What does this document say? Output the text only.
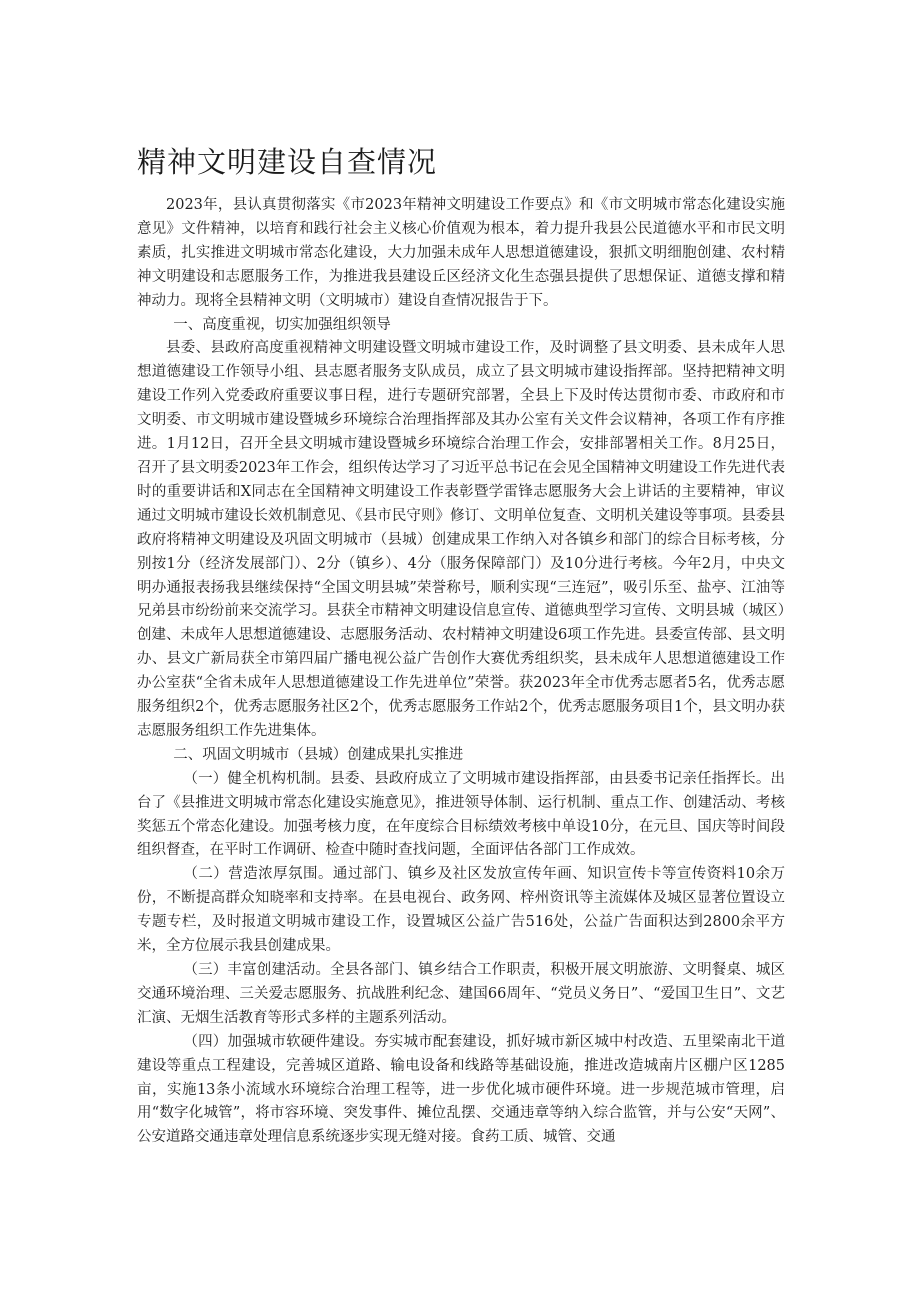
精神文明建设自查情况

2023年，县认真贯彻落实《市2023年精神文明建设工作要点》和《市文明城市常态化建设实施意见》文件精神，以培育和践行社会主义核心价值观为根本，着力提升我县公民道德水平和市民文明素质，扎实推进文明城市常态化建设，大力加强未成年人思想道德建设，狠抓文明细胞创建、农村精神文明建设和志愿服务工作，为推进我县建设丘区经济文化生态强县提供了思想保证、道德支撑和精神动力。现将全县精神文明（文明城市）建设自查情况报告于下。

一、高度重视，切实加强组织领导

县委、县政府高度重视精神文明建设暨文明城市建设工作，及时调整了县文明委、县未成年人思想道德建设工作领导小组、县志愿者服务支队成员，成立了县文明城市建设指挥部。坚持把精神文明建设工作列入党委政府重要议事日程，进行专题研究部署，全县上下及时传达贯彻市委、市政府和市文明委、市文明城市建设暨城乡环境综合治理指挥部及其办公室有关文件会议精神，各项工作有序推进。1月12日，召开全县文明城市建设暨城乡环境综合治理工作会，安排部署相关工作。8月25日，召开了县文明委2023年工作会，组织传达学习了习近平总书记在会见全国精神文明建设工作先进代表时的重要讲话和X同志在全国精神文明建设工作表彰暨学雷锋志愿服务大会上讲话的主要精神，审议通过文明城市建设长效机制意见、《县市民守则》修订、文明单位复查、文明机关建设等事项。县委县政府将精神文明建设及巩固文明城市（县城）创建成果工作纳入对各镇乡和部门的综合目标考核，分别按1分（经济发展部门）、2分（镇乡）、4分（服务保障部门）及10分进行考核。今年2月，中央文明办通报表扬我县继续保持“全国文明县城”荣誉称号，顺利实现“三连冠”，吸引乐至、盐亭、江油等兄弟县市纷纷前来交流学习。县获全市精神文明建设信息宣传、道德典型学习宣传、文明县城（城区）创建、未成年人思想道德建设、志愿服务活动、农村精神文明建设6项工作先进。县委宣传部、县文明办、县文广新局获全市第四届广播电视公益广告创作大赛优秀组织奖，县未成年人思想道德建设工作办公室获“全省未成年人思想道德建设工作先进单位”荣誉。获2023年全市优秀志愿者5名，优秀志愿服务组织2个，优秀志愿服务社区2个，优秀志愿服务工作站2个，优秀志愿服务项目1个，县文明办获志愿服务组织工作先进集体。

二、巩固文明城市（县城）创建成果扎实推进

（一）健全机构机制。县委、县政府成立了文明城市建设指挥部，由县委书记亲任指挥长。出台了《县推进文明城市常态化建设实施意见》，推进领导体制、运行机制、重点工作、创建活动、考核奖惩五个常态化建设。加强考核力度，在年度综合目标绩效考核中单设10分，在元旦、国庆等时间段组织督查，在平时工作调研、检查中随时查找问题，全面评估各部门工作成效。

（二）营造浓厚氛围。通过部门、镇乡及社区发放宣传年画、知识宣传卡等宣传资料10余万份，不断提高群众知晓率和支持率。在县电视台、政务网、梓州资讯等主流媒体及城区显著位置设立专题专栏，及时报道文明城市建设工作，设置城区公益广告516处，公益广告面积达到2800余平方米，全方位展示我县创建成果。

（三）丰富创建活动。全县各部门、镇乡结合工作职责，积极开展文明旅游、文明餐桌、城区交通环境治理、三关爱志愿服务、抗战胜利纪念、建国66周年、“党员义务日”、“爱国卫生日”、文艺汇演、无烟生活教育等形式多样的主题系列活动。

（四）加强城市软硬件建设。夯实城市配套建设，抓好城市新区城中村改造、五里梁南北干道建设等重点工程建设，完善城区道路、输电设备和线路等基础设施，推进改造城南片区棚户区1285亩，实施13条小流域水环境综合治理工程等，进一步优化城市硬件环境。进一步规范城市管理，启用“数字化城管”，将市容环境、突发事件、摊位乱摆、交通违章等纳入综合监管，并与公安“天网”、公安道路交通违章处理信息系统逐步实现无缝对接。食药工质、城管、交通
